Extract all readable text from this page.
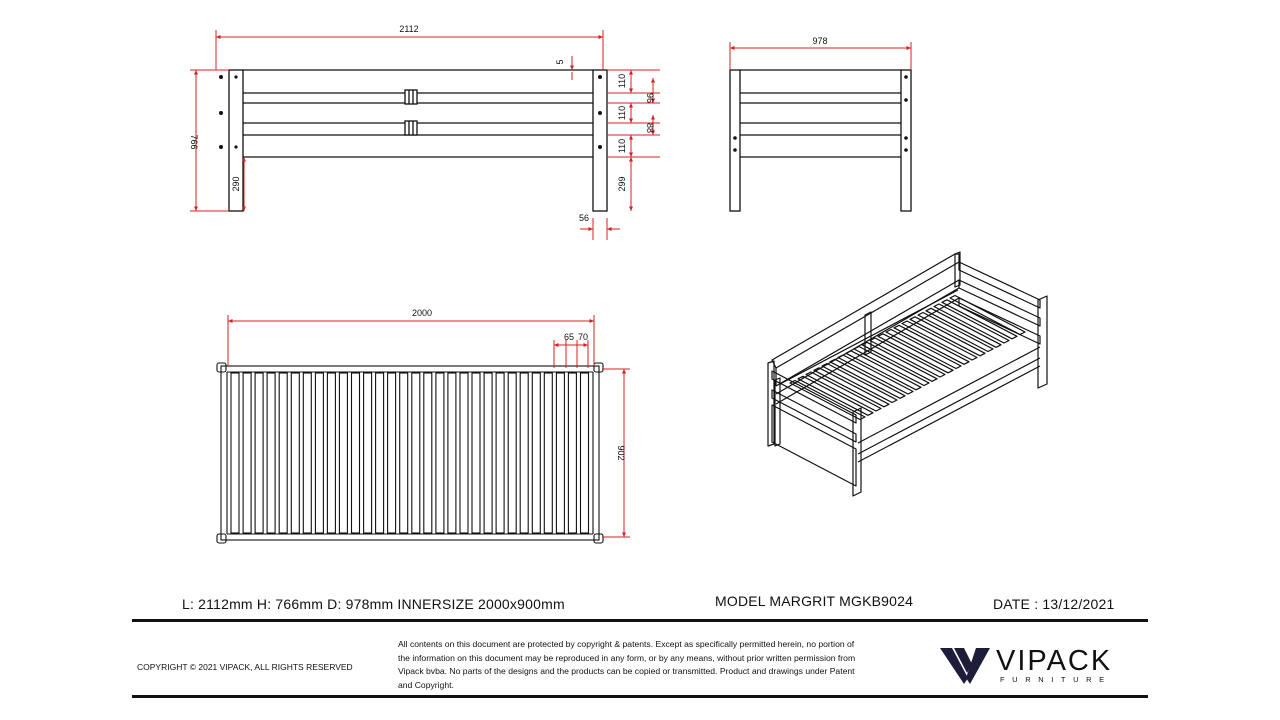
2112
766
290	299
110
110
110
96
88
5
56
978
2000
65 70
902
L: 2112mm H: 766mm D: 978mm INNERSIZE 2000x900mm	MODEL MARGRIT MGKB9024	DATE : 13/12/2021
COPYRIGHT © 2021 VIPACK, ALL RIGHTS RESERVED
All contents on this document are protected by copyright & patents. Except as specifically permitted herein, no portion of the information on this document may be reproduced in any form, or by any means, without prior written permission from Vipack bvba. No parts of the designs and the products can be copied or transmitted. Product and drawings under Patent and Copyright.
VIPACK
FURNITURE
